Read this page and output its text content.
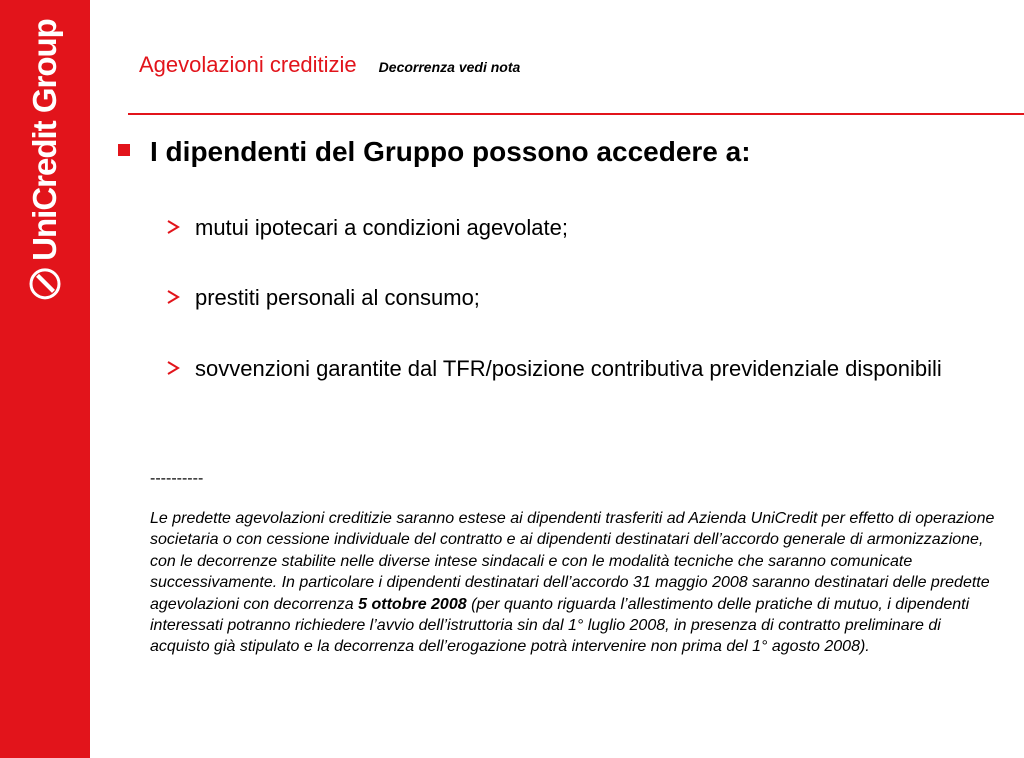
UniCredit Group	Agevolazioni creditizie Decorrenza vedi nota
I dipendenti del Gruppo possono accedere a:
mutui ipotecari a condizioni agevolate;
prestiti personali al consumo;
sovvenzioni garantite dal TFR/posizione contributiva previdenziale disponibili
----------
Le predette agevolazioni creditizie saranno estese ai dipendenti trasferiti ad Azienda UniCredit per effetto di operazione societaria o con cessione individuale del contratto e ai dipendenti destinatari dell’accordo generale di armonizzazione, con le decorrenze stabilite nelle diverse intese sindacali e con le modalità tecniche che saranno comunicate successivamente. In particolare i dipendenti destinatari dell’accordo 31 maggio 2008 saranno destinatari delle predette agevolazioni con decorrenza 5 ottobre 2008 (per quanto riguarda l’allestimento delle pratiche di mutuo, i dipendenti interessati potranno richiedere l’avvio dell’istruttoria sin dal 1° luglio 2008, in presenza di contratto preliminare di acquisto già stipulato e la decorrenza dell’erogazione potrà intervenire non prima del 1° agosto 2008).
